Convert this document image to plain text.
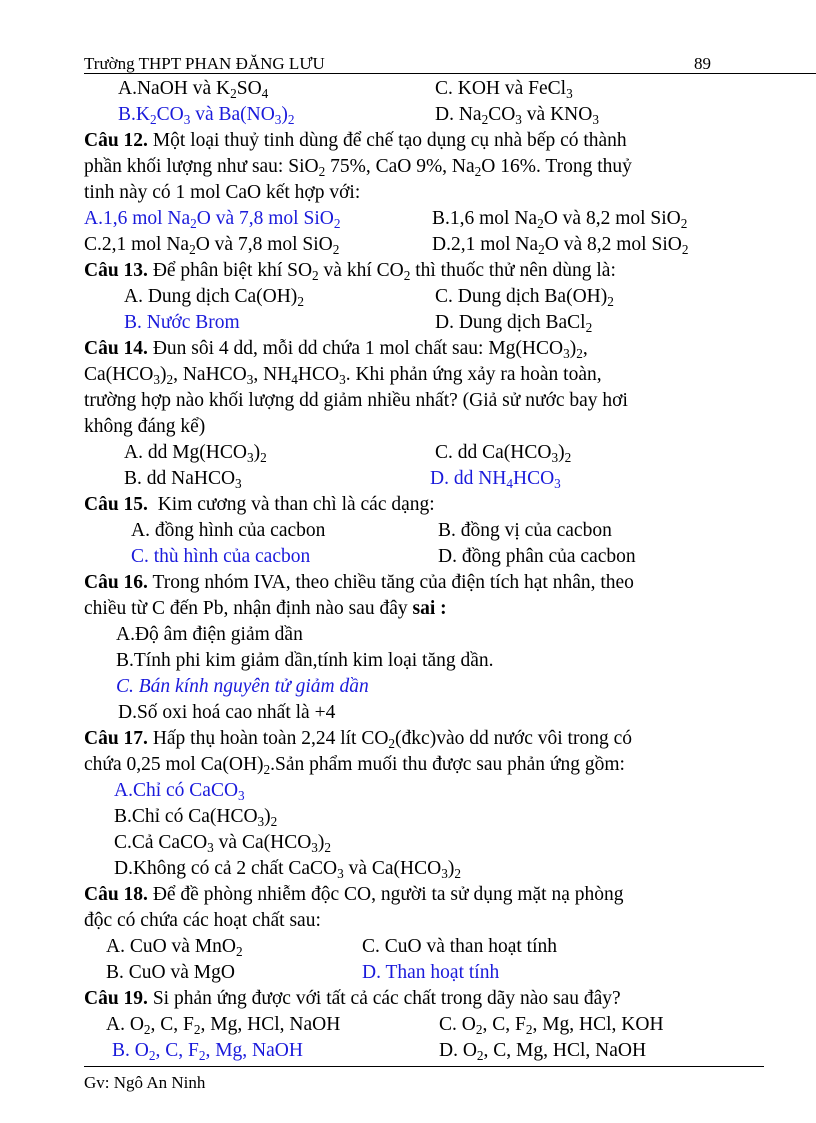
Trường THPT PHAN ĐĂNG LƯU	89
A.NaOH và $K_2SO_4$	C. KOH và FeCl$_3$
$B.K_2CO_3$ và $Ba(NO_3)_2$	D. $Na_2CO_3$ và $KNO_3$
Câu 12. Một loại thuỷ tinh dùng để chế tạo dụng cụ nhà bếp có thành
phần khối lượng như sau: SiO$_2$ 75%, CaO 9%, $Na_2O$ 16%. Trong thuỷ
tinh này có 1 mol CaO kết hợp với:
A.1,6 mol $Na_2O$ và 7,8 mol SiO$_2$	B.1,6 mol $Na_2O$ và 8,2 mol SiO$_2$
C.2,1 mol $Na_2O$ và 7,8 mol SiO$_2$	D.2,1 mol $Na_2O$ và 8,2 mol SiO$_2$
Câu 13. Để phân biệt khí $SO_2$ và khí $CO_2$ thì thuốc thử nên dùng là:
A. Dung dịch $Ca(OH)_2$	C. Dung dịch $Ba(OH)_2$
B. Nước Brom	D. Dung dịch BaCl$_2$
Câu 14. Đun sôi 4 dd, mỗi dd chứa 1 mol chất sau: $Mg(HCO_3)_2$,
$Ca(HCO_3)_2$, NaHCO$_3$, $NH_4HCO_3$. Khi phản ứng xảy ra hoàn toàn,
trường hợp nào khối lượng dd giảm nhiều nhất? (Giả sử nước bay hơi
không đáng kể)
A. dd $Mg(HCO_3)_2$	C. dd $Ca(HCO_3)_2$
B. dd NaHCO$_3$	D. dd $NH_4HCO_3$
Câu 15. Kim cương và than chì là các dạng:
A. đồng hình của cacbon	B. đồng vị của cacbon
C. thù hình của cacbon	D. đồng phân của cacbon
Câu 16. Trong nhóm IVA, theo chiều tăng của điện tích hạt nhân, theo
chiều từ C đến Pb, nhận định nào sau đây sai :
A.Độ âm điện giảm dần
B.Tính phi kim giảm dần,tính kim loại tăng dần.
C. Bán kính nguyên tử giảm dần
D.Số oxi hoá cao nhất là +4
Câu 17. Hấp thụ hoàn toàn 2,24 lít $CO_2(đkc)vào$ dd nước vôi trong có
chứa 0,25 mol $Ca(OH)_2.Sản$ phẩm muối thu được sau phản ứng gồm:
A.Chỉ có CaCO$_3$
B.Chỉ có $Ca(HCO_3)_2$
C.Cả CaCO$_3$ và $Ca(HCO_3)_2$
D.Không có cả 2 chất CaCO$_3$ và $Ca(HCO_3)_2$
Câu 18. Để đề phòng nhiễm độc CO, người ta sử dụng mặt nạ phòng
độc có chứa các hoạt chất sau:
A. CuO và MnO$_2$	C. CuO và than hoạt tính
B. CuO và MgO	D. Than hoạt tính
Câu 19. Si phản ứng được với tất cả các chất trong dãy nào sau đây?
A. $O_2$, C, $F_2$, Mg, HCl, NaOH	C. $O_2$, C, $F_2$, Mg, HCl, KOH
B. $O_2$, C, $F_2$, Mg, NaOH	D. $O_2$, C, Mg, HCl, NaOH
Gv: Ngô An Ninh
